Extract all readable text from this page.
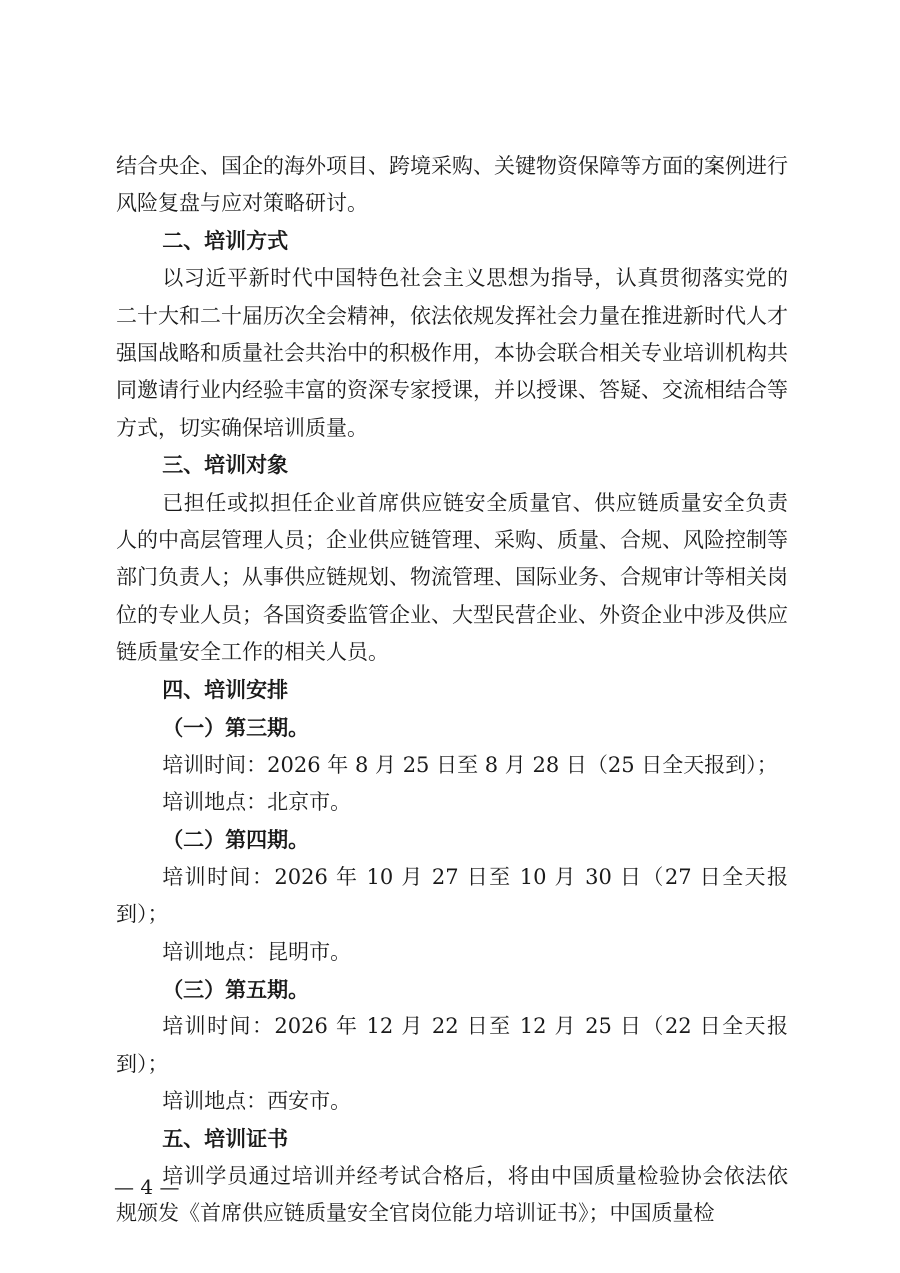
结合央企、国企的海外项目、跨境采购、关键物资保障等方面的案例进行风险复盘与应对策略研讨。

二、培训方式

以习近平新时代中国特色社会主义思想为指导，认真贯彻落实党的二十大和二十届历次全会精神，依法依规发挥社会力量在推进新时代人才强国战略和质量社会共治中的积极作用，本协会联合相关专业培训机构共同邀请行业内经验丰富的资深专家授课，并以授课、答疑、交流相结合等方式，切实确保培训质量。

三、培训对象

已担任或拟担任企业首席供应链安全质量官、供应链质量安全负责人的中高层管理人员；企业供应链管理、采购、质量、合规、风险控制等部门负责人；从事供应链规划、物流管理、国际业务、合规审计等相关岗位的专业人员；各国资委监管企业、大型民营企业、外资企业中涉及供应链质量安全工作的相关人员。

四、培训安排

（一）第三期。

培训时间：2026 年 8 月 25 日至 8 月 28 日（25 日全天报到）；

培训地点：北京市。

（二）第四期。

培训时间：2026 年 10 月 27 日至 10 月 30 日（27 日全天报到）；

培训地点：昆明市。

（三）第五期。

培训时间：2026 年 12 月 22 日至 12 月 25 日（22 日全天报到）；

培训地点：西安市。

五、培训证书

培训学员通过培训并经考试合格后，将由中国质量检验协会依法依规颁发《首席供应链质量安全官岗位能力培训证书》；中国质量检

— 4 —
